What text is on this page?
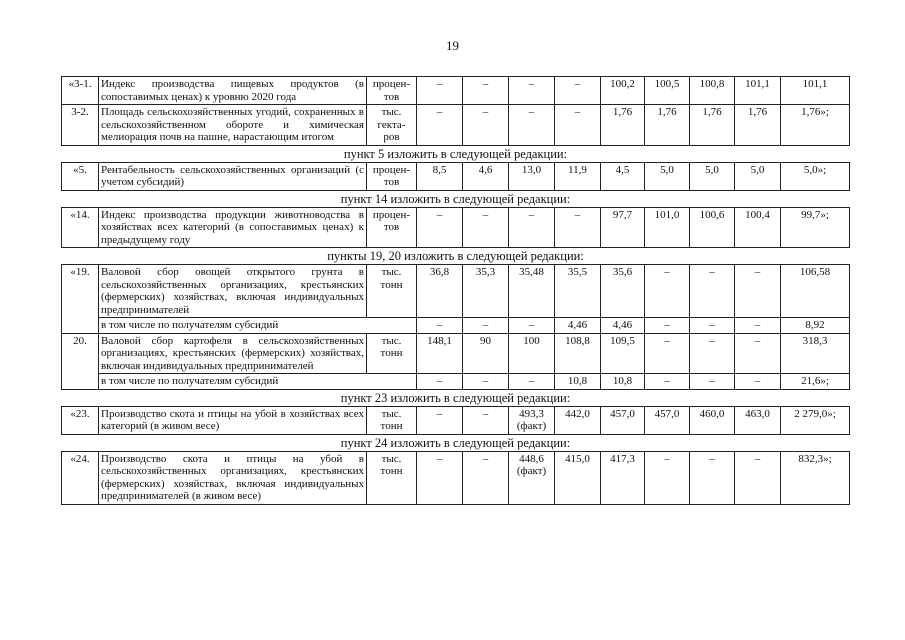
19
«3-1.	Индекс производства пищевых продуктов (в сопоставимых ценах) к уровню 2020 года	процен-
тов	–	–	–	–	100,2	100,5	100,8	101,1	101,1
3-2.	Площадь сельскохозяйственных угодий, сохраненных в сельскохозяйственном обороте и химическая мелиорация почв на пашне, нарастающим итогом	тыс.
гекта-
ров	–	–	–	–	1,76	1,76	1,76	1,76	1,76»;
пункт 5 изложить в следующей редакции:											
«5.	Рентабельность сельскохозяйственных организаций (с учетом субсидий)	процен-
тов	8,5	4,6	13,0	11,9	4,5	5,0	5,0	5,0	5,0»;
пункт 14 изложить в следующей редакции:											
«14.	Индекс производства продукции животноводства в хозяйствах всех категорий (в сопоставимых ценах) к предыдущему году	процен-
тов	–	–	–	–	97,7	101,0	100,6	100,4	99,7»;
пункты 19, 20 изложить в следующей редакции:											
«19.	Валовой сбор овощей открытого грунта в сельскохозяйственных организациях, крестьянских (фермерских) хозяйствах, включая индивидуальных предпринимателей	тыс.
тонн	36,8	35,3	35,48	35,5	35,6	–	–	–	106,58
	в том числе по получателям субсидий		–	–	–	4,46	4,46	–	–	–	8,92
20.	Валовой сбор картофеля в сельскохозяйственных организациях, крестьянских (фермерских) хозяйствах, включая индивидуальных предпринимателей	тыс.
тонн	148,1	90	100	108,8	109,5	–	–	–	318,3
	в том числе по получателям субсидий		–	–	–	10,8	10,8	–	–	–	21,6»;
пункт 23 изложить в следующей редакции:											
«23.	Производство скота и птицы на убой в хозяйствах всех категорий (в живом весе)	тыс.
тонн	–	–	493,3
(факт)	442,0	457,0	457,0	460,0	463,0	2 279,0»;
пункт 24 изложить в следующей редакции:											
«24.	Производство скота и птицы на убой в сельскохозяйственных организациях, крестьянских (фермерских) хозяйствах, включая индивидуальных предпринимателей (в живом весе)	тыс.
тонн	–	–	448,6
(факт)	415,0	417,3	–	–	–	832,3»;
